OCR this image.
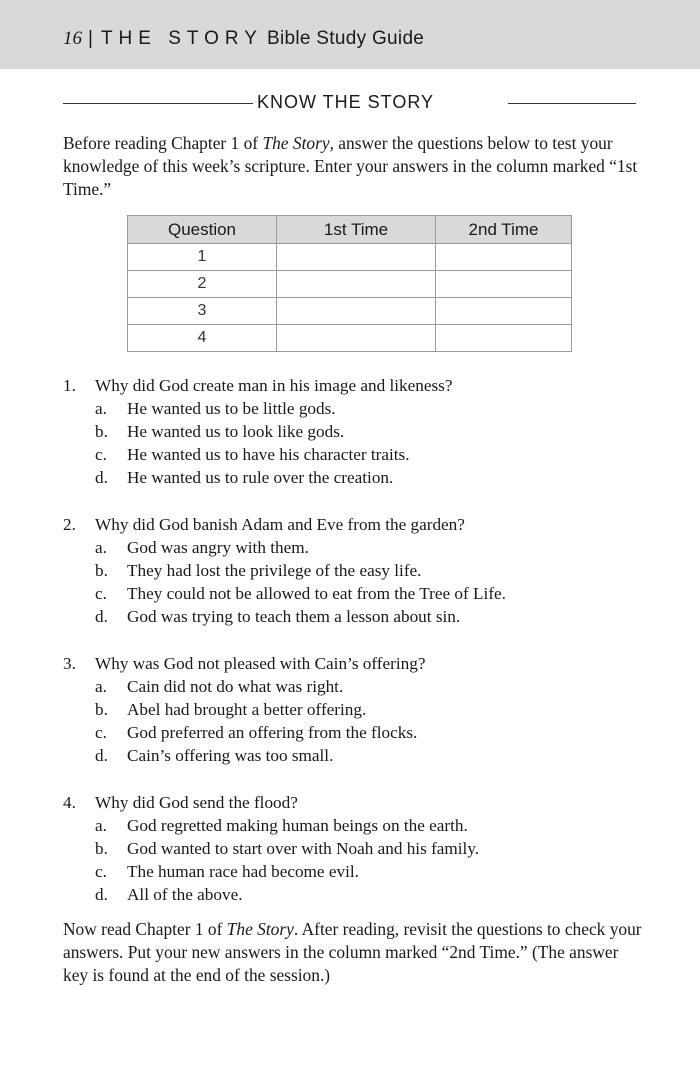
16 | THE STORY Bible Study Guide
KNOW THE STORY
Before reading Chapter 1 of The Story, answer the questions below to test your knowledge of this week’s scripture. Enter your answers in the column marked “1st Time.”
Question	1st Time	2nd Time
1		
2		
3		
4		
1. Why did God create man in his image and likeness?
a. He wanted us to be little gods.
b. He wanted us to look like gods.
c. He wanted us to have his character traits.
d. He wanted us to rule over the creation.
2. Why did God banish Adam and Eve from the garden?
a. God was angry with them.
b. They had lost the privilege of the easy life.
c. They could not be allowed to eat from the Tree of Life.
d. God was trying to teach them a lesson about sin.
3. Why was God not pleased with Cain’s offering?
a. Cain did not do what was right.
b. Abel had brought a better offering.
c. God preferred an offering from the flocks.
d. Cain’s offering was too small.
4. Why did God send the flood?
a. God regretted making human beings on the earth.
b. God wanted to start over with Noah and his family.
c. The human race had become evil.
d. All of the above.
Now read Chapter 1 of The Story. After reading, revisit the questions to check your answers. Put your new answers in the column marked “2nd Time.” (The answer key is found at the end of the session.)
